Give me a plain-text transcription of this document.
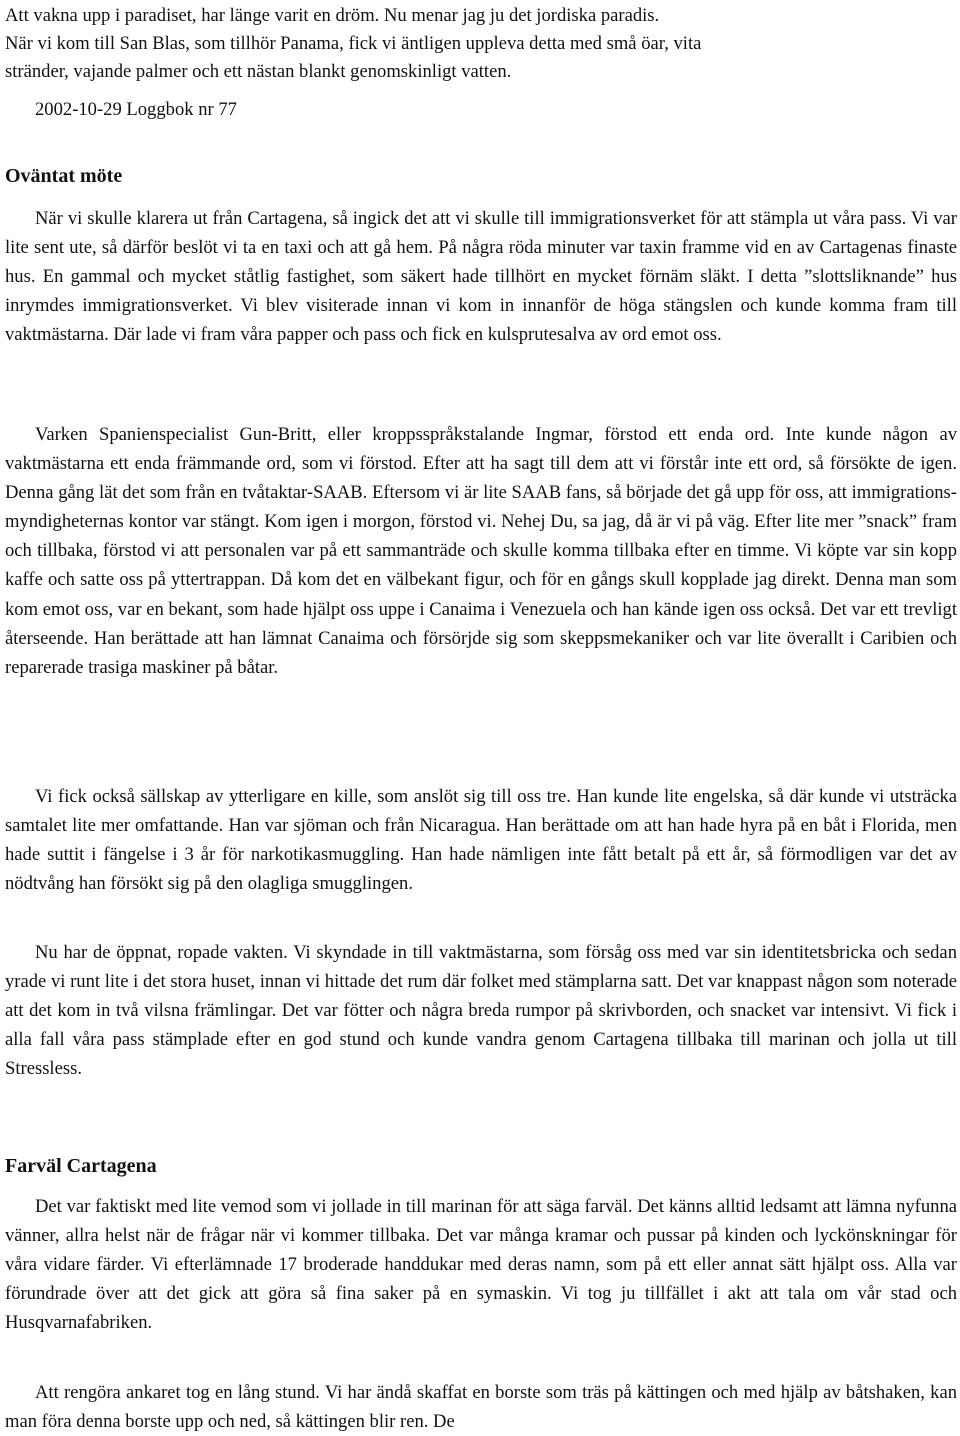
Att vakna upp i paradiset, har länge varit en dröm. Nu menar jag ju det jordiska paradis.
När vi kom till San Blas, som tillhör Panama, fick vi äntligen uppleva detta med små öar, vita
stränder, vajande palmer och ett nästan blankt genomskinligt vatten.
2002-10-29 Loggbok nr 77
Oväntat möte

När vi skulle klarera ut från Cartagena, så ingick det att vi skulle till immigrationsverket för att stämpla ut våra pass. Vi var lite sent ute, så därför beslöt vi ta en taxi och att gå hem. På några röda minuter var taxin framme vid en av Cartagenas finaste hus. En gammal och mycket ståtlig fastighet, som säkert hade tillhört en mycket förnäm släkt. I detta ”slottsliknande” hus inrymdes immigrationsverket. Vi blev visiterade innan vi kom in innanför de höga stängslen och kunde komma fram till vaktmästarna. Där lade vi fram våra papper och pass och fick en kulsprutesalva av ord emot oss.

Varken Spanienspecialist Gun-Britt, eller kroppsspråkstalande Ingmar, förstod ett enda ord. Inte kunde någon av vaktmästarna ett enda främmande ord, som vi förstod. Efter att ha sagt till dem att vi förstår inte ett ord, så försökte de igen. Denna gång lät det som från en tvåtaktar-SAAB. Eftersom vi är lite SAAB fans, så började det gå upp för oss, att immigrationsmyndigheternas kontor var stängt. Kom igen i morgon, förstod vi. Nehej Du, sa jag, då är vi på väg. Efter lite mer ”snack” fram och tillbaka, förstod vi att personalen var på ett sammanträde och skulle komma tillbaka efter en timme. Vi köpte var sin kopp kaffe och satte oss på yttertrappan. Då kom det en välbekant figur, och för en gångs skull kopplade jag direkt. Denna man som kom emot oss, var en bekant, som hade hjälpt oss uppe i Canaima i Venezuela och han kände igen oss också. Det var ett trevligt återseende. Han berättade att han lämnat Canaima och försörjde sig som skeppsmekaniker och var lite överallt i Caribien och reparerade trasiga maskiner på båtar.

Vi fick också sällskap av ytterligare en kille, som anslöt sig till oss tre. Han kunde lite engelska, så där kunde vi utsträcka samtalet lite mer omfattande. Han var sjöman och från Nicaragua. Han berättade om att han hade hyra på en båt i Florida, men hade suttit i fängelse i 3 år för narkotikasmuggling. Han hade nämligen inte fått betalt på ett år, så förmodligen var det av nödtvång han försökt sig på den olagliga smugglingen.

Nu har de öppnat, ropade vakten. Vi skyndade in till vaktmästarna, som försåg oss med var sin identitetsbricka och sedan yrade vi runt lite i det stora huset, innan vi hittade det rum där folket med stämplarna satt. Det var knappast någon som noterade att det kom in två vilsna främlingar. Det var fötter och några breda rumpor på skrivborden, och snacket var intensivt. Vi fick i alla fall våra pass stämplade efter en god stund och kunde vandra genom Cartagena tillbaka till marinan och jolla ut till Stressless.

Farväl Cartagena

Det var faktiskt med lite vemod som vi jollade in till marinan för att säga farväl. Det känns alltid ledsamt att lämna nyfunna vänner, allra helst när de frågar när vi kommer tillbaka. Det var många kramar och pussar på kinden och lyckönskningar för våra vidare färder. Vi efterlämnade 17 broderade handdukar med deras namn, som på ett eller annat sätt hjälpt oss. Alla var förundrade över att det gick att göra så fina saker på en symaskin. Vi tog ju tillfället i akt att tala om vår stad och Husqvarnafabriken.

Att rengöra ankaret tog en lång stund. Vi har ändå skaffat en borste som träs på kättingen och med hjälp av båtshaken, kan man föra denna borste upp och ned, så kättingen blir ren. De
